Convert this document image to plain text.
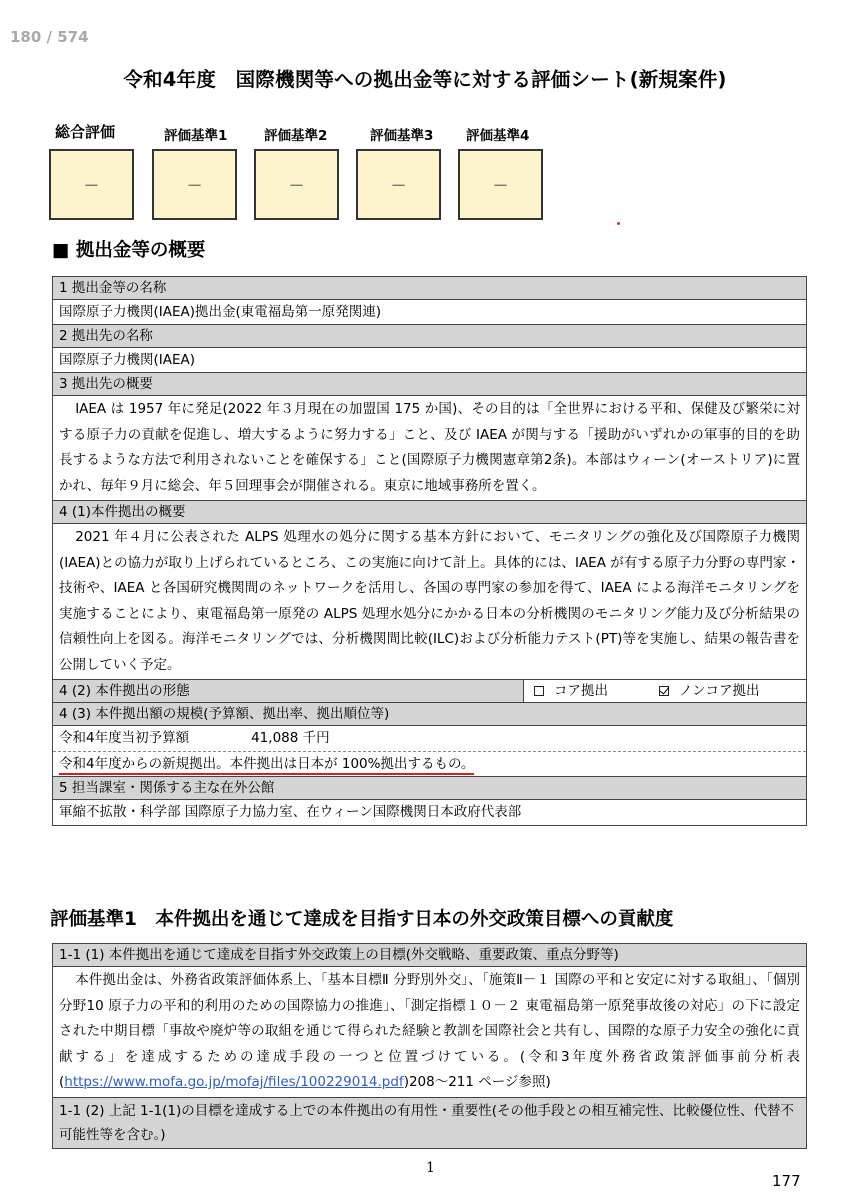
180 / 574
令和4年度　国際機関等への拠出金等に対する評価シート(新規案件)
総合評価	評価基準1	評価基準2	評価基準3 評価基準4
－	－	－	－	－
■ 拠出金等の概要
1 拠出金等の名称
国際原子力機関(IAEA)拠出金(東電福島第一原発関連)
2 拠出先の名称
国際原子力機関(IAEA)
3 拠出先の概要
IAEA は 1957 年に発足(2022 年３月現在の加盟国 175 か国)、その目的は「全世界における平和、保健及び繁栄に対する原子力の貢献を促進し、増大するように努力する」こと、及び IAEA が関与する「援助がいずれかの軍事的目的を助長するような方法で利用されないことを確保する」こと(国際原子力機関憲章第2条)。本部はウィーン(オーストリア)に置かれ、毎年９月に総会、年５回理事会が開催される。東京に地域事務所を置く。
4 (1)本件拠出の概要
2021 年４月に公表された ALPS 処理水の処分に関する基本方針において、モニタリングの強化及び国際原子力機関(IAEA)との協力が取り上げられているところ、この実施に向けて計上。具体的には、IAEA が有する原子力分野の専門家・技術や、IAEA と各国研究機関間のネットワークを活用し、各国の専門家の参加を得て、IAEA による海洋モニタリングを実施することにより、東電福島第一原発の ALPS 処理水処分にかかる日本の分析機関のモニタリング能力及び分析結果の信頼性向上を図る。海洋モニタリングでは、分析機関間比較(ILC)および分析能力テスト(PT)等を実施し、結果の報告書を公開していく予定。
4 (2) 本件拠出の形態	コア拠出	ノンコア拠出
4 (3) 本件拠出額の規模(予算額、拠出率、拠出順位等)
令和4年度当初予算額	41,088 千円
令和4年度からの新規拠出。本件拠出は日本が 100%拠出するもの。
5 担当課室・関係する主な在外公館
軍縮不拡散・科学部 国際原子力協力室、在ウィーン国際機関日本政府代表部
評価基準1　本件拠出を通じて達成を目指す日本の外交政策目標への貢献度
1-1 (1) 本件拠出を通じて達成を目指す外交政策上の目標(外交戦略、重要政策、重点分野等)
本件拠出金は、外務省政策評価体系上、「基本目標Ⅱ 分野別外交」、「施策Ⅱ－１ 国際の平和と安定に対する取組」、「個別分野10 原子力の平和的利用のための国際協力の推進」、「測定指標１０－２ 東電福島第一原発事故後の対応」の下に設定された中期目標「事故や廃炉等の取組を通じて得られた経験と教訓を国際社会と共有し、国際的な原子力安全の強化に貢献する」を達成するための達成手段の一つと位置づけている。(令和3年度外務省政策評価事前分析表(https://www.mofa.go.jp/mofaj/files/100229014.pdf)208～211 ページ参照)
1-1 (2) 上記 1-1(1)の目標を達成する上での本件拠出の有用性・重要性(その他手段との相互補完性、比較優位性、代替不可能性等を含む。)
1
177
